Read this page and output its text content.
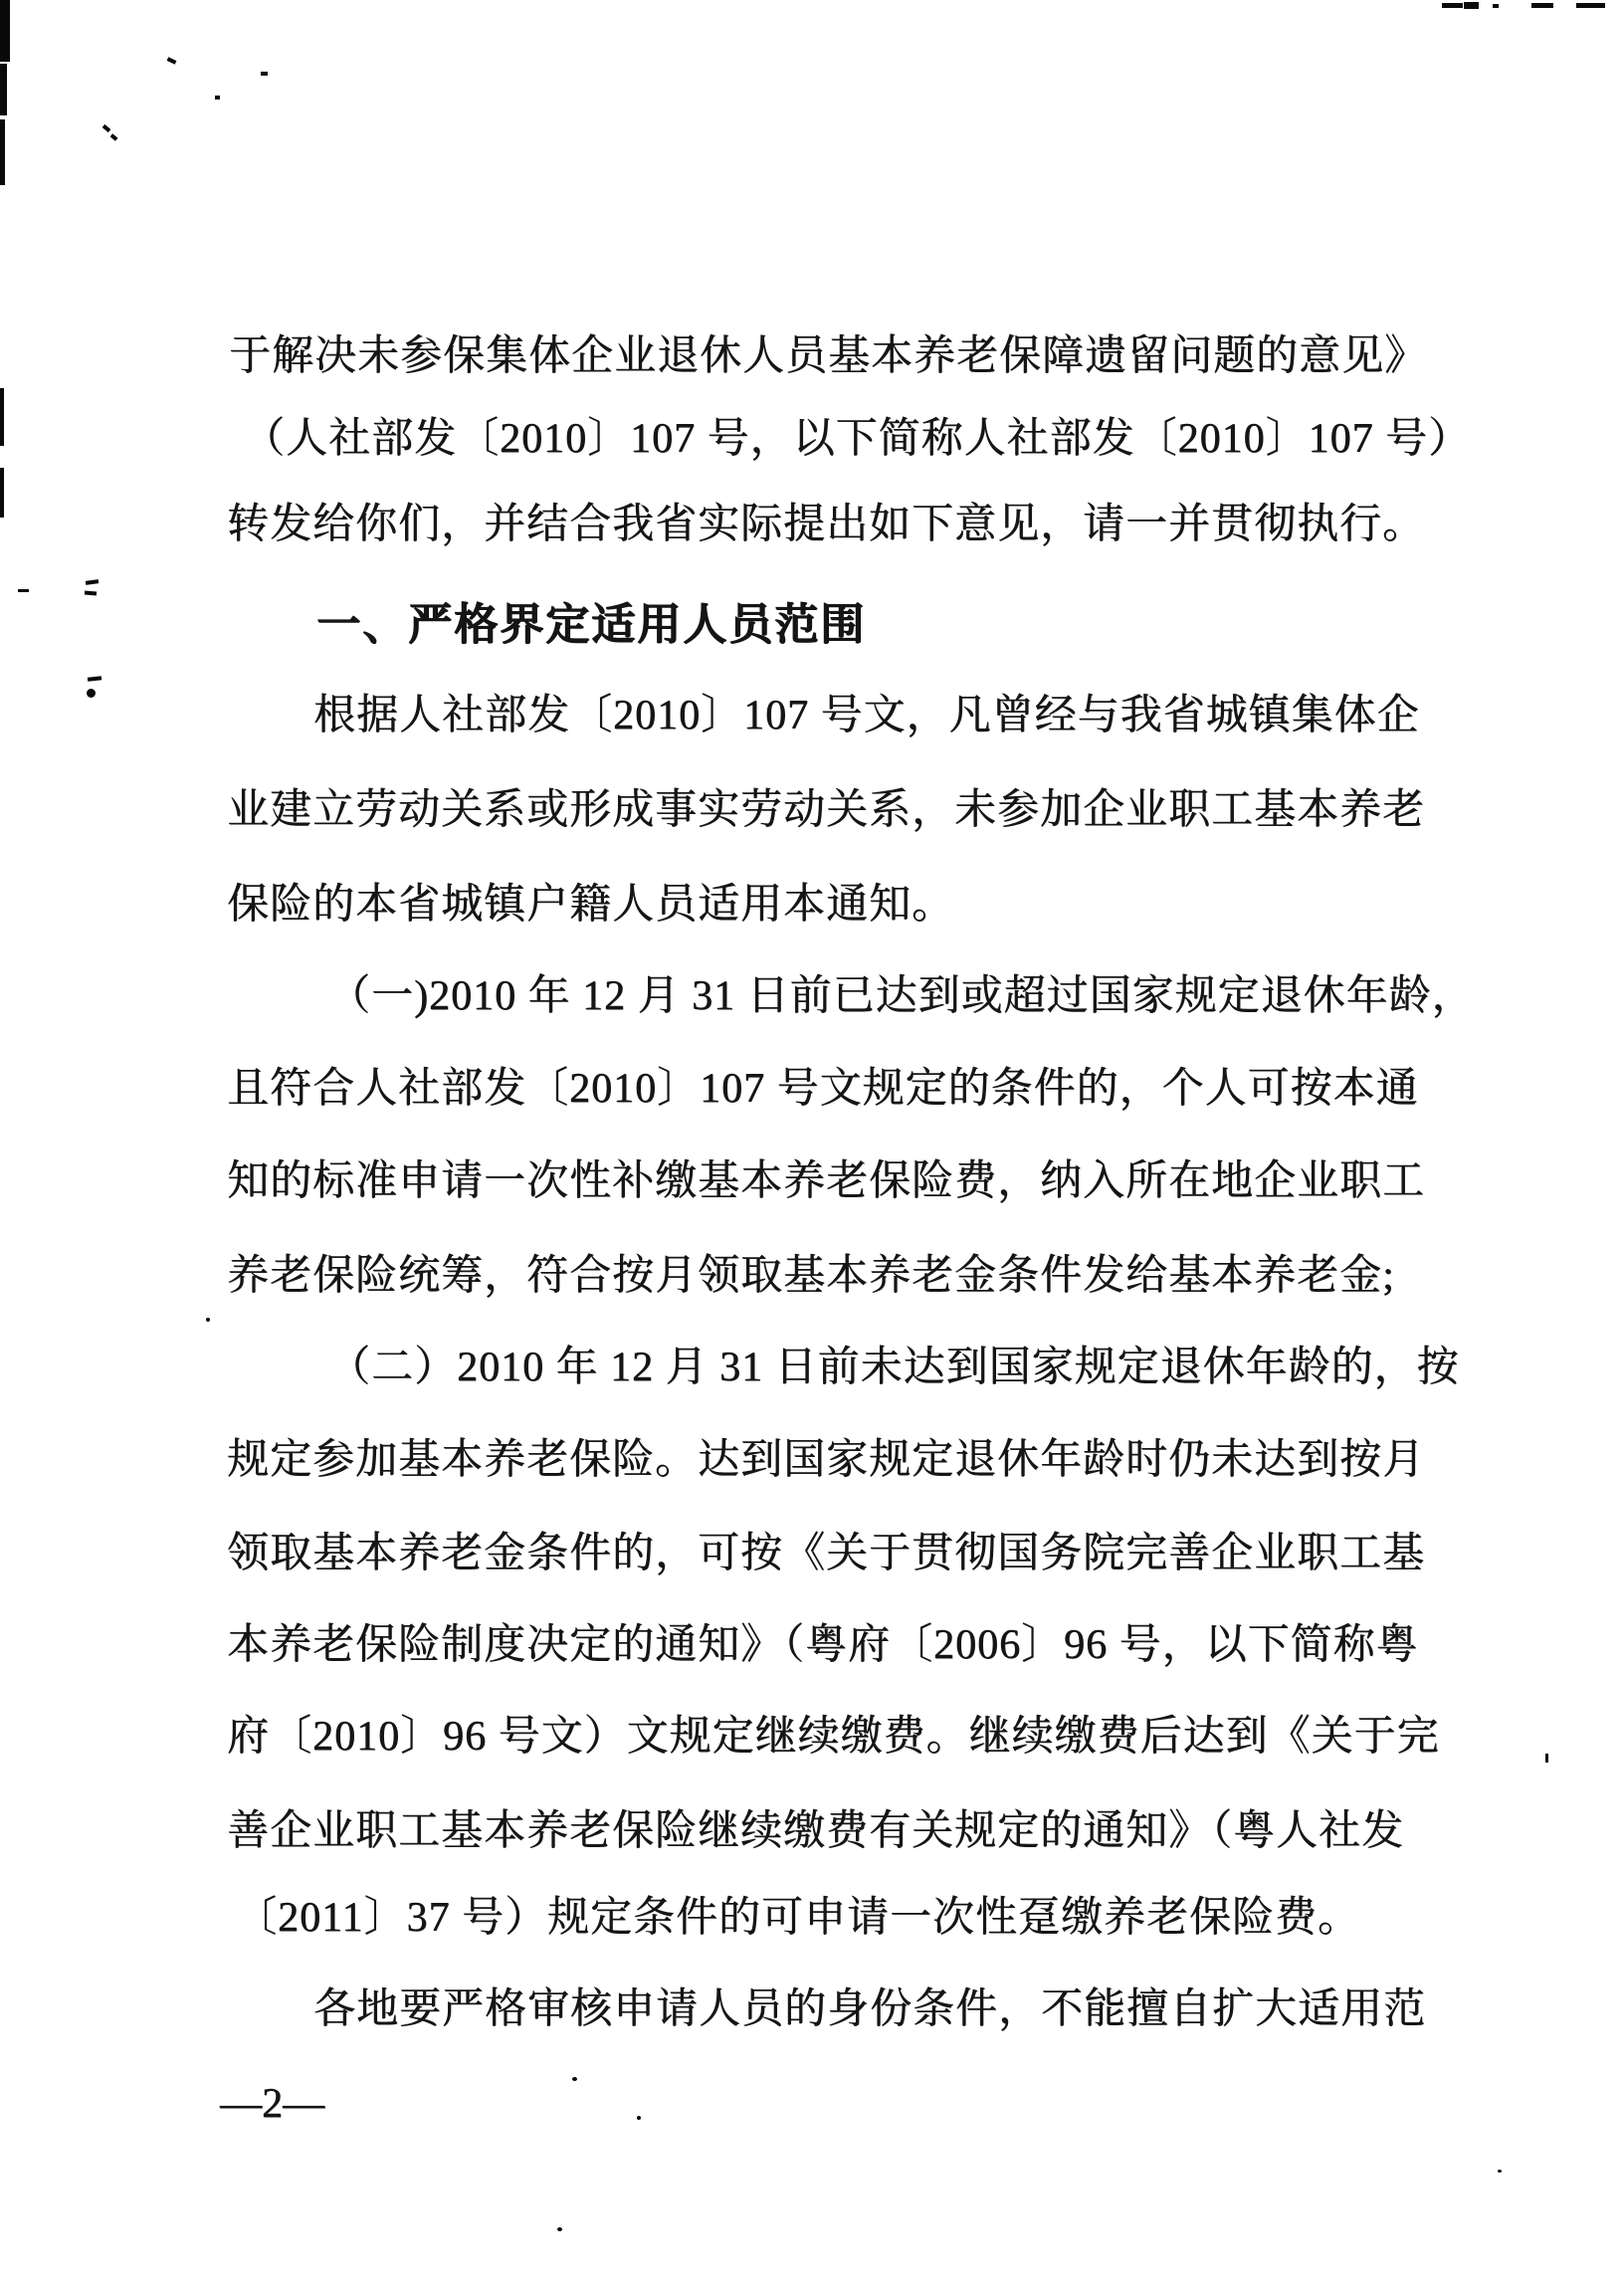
于解决未参保集体企业退休人员基本养老保障遗留问题的意见》
（人社部发〔2010〕107 号，以下简称人社部发〔2010〕107 号）
转发给你们，并结合我省实际提出如下意见，请一并贯彻执行。
一、严格界定适用人员范围
根据人社部发〔2010〕107 号文，凡曾经与我省城镇集体企
业建立劳动关系或形成事实劳动关系，未参加企业职工基本养老
保险的本省城镇户籍人员适用本通知。
（一)2010 年 12 月 31 日前已达到或超过国家规定退休年龄，
且符合人社部发〔2010〕107 号文规定的条件的，个人可按本通
知的标准申请一次性补缴基本养老保险费，纳入所在地企业职工
养老保险统筹，符合按月领取基本养老金条件发给基本养老金;
（二）2010 年 12 月 31 日前未达到国家规定退休年龄的，按
规定参加基本养老保险。达到国家规定退休年龄时仍未达到按月
领取基本养老金条件的，可按《关于贯彻国务院完善企业职工基
本养老保险制度决定的通知》（粤府〔2006〕96 号，以下简称粤
府〔2010〕96 号文）文规定继续缴费。继续缴费后达到《关于完
善企业职工基本养老保险继续缴费有关规定的通知》（粤人社发
〔2011〕37 号）规定条件的可申请一次性趸缴养老保险费。
各地要严格审核申请人员的身份条件，不能擅自扩大适用范
—2—
